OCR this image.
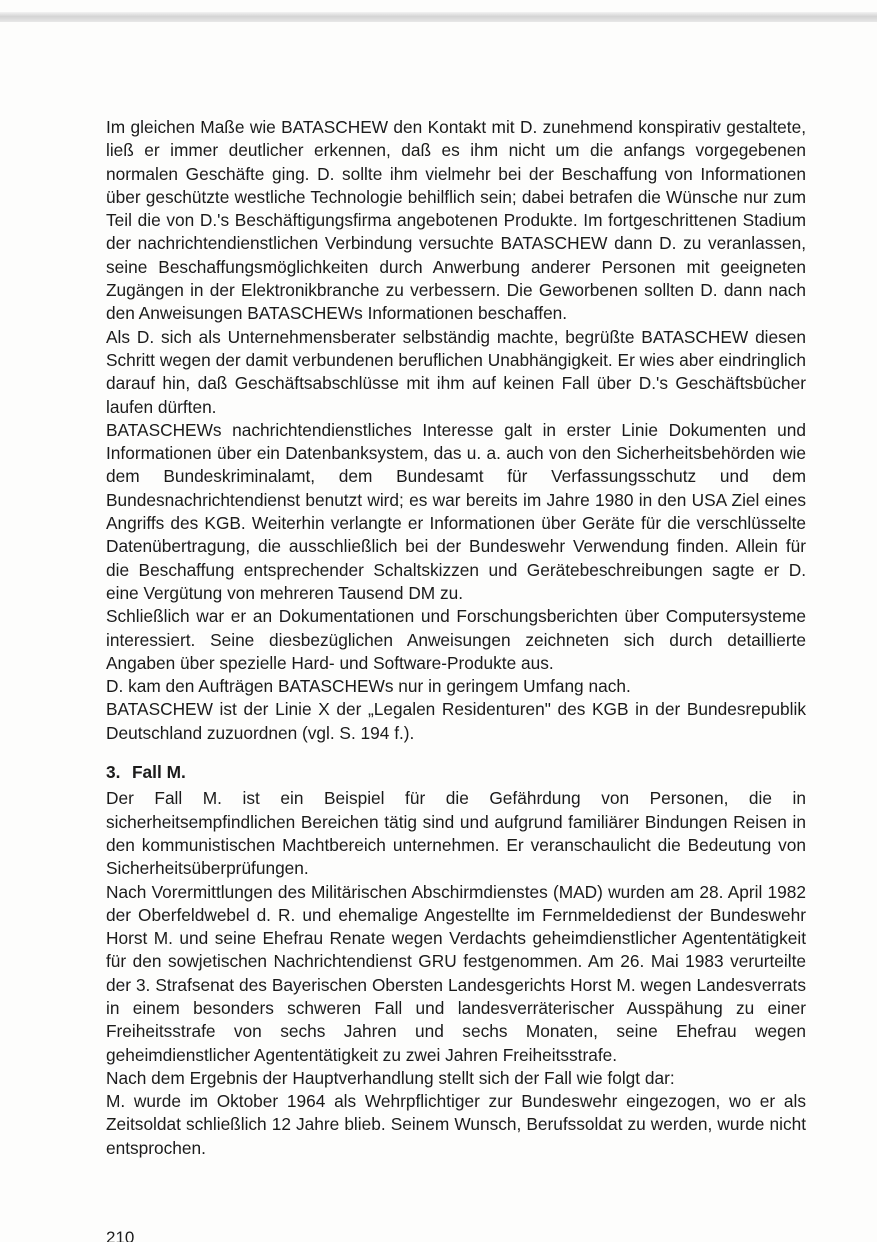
Im gleichen Maße wie BATASCHEW den Kontakt mit D. zunehmend konspirativ gestaltete, ließ er immer deutlicher erkennen, daß es ihm nicht um die anfangs vorgegebenen normalen Geschäfte ging. D. sollte ihm vielmehr bei der Beschaffung von Informationen über geschützte westliche Technologie behilflich sein; dabei betrafen die Wünsche nur zum Teil die von D.'s Beschäftigungsfirma angebotenen Produkte. Im fortgeschrittenen Stadium der nachrichtendienstlichen Verbindung versuchte BATASCHEW dann D. zu veranlassen, seine Beschaffungsmöglichkeiten durch Anwerbung anderer Personen mit geeigneten Zugängen in der Elektronikbranche zu verbessern. Die Geworbenen sollten D. dann nach den Anweisungen BATASCHEWs Informationen beschaffen.

Als D. sich als Unternehmensberater selbständig machte, begrüßte BATASCHEW diesen Schritt wegen der damit verbundenen beruflichen Unabhängigkeit. Er wies aber eindringlich darauf hin, daß Geschäftsabschlüsse mit ihm auf keinen Fall über D.'s Geschäftsbücher laufen dürften.

BATASCHEWs nachrichtendienstliches Interesse galt in erster Linie Dokumenten und Informationen über ein Datenbanksystem, das u. a. auch von den Sicherheitsbehörden wie dem Bundeskriminalamt, dem Bundesamt für Verfassungsschutz und dem Bundesnachrichtendienst benutzt wird; es war bereits im Jahre 1980 in den USA Ziel eines Angriffs des KGB. Weiterhin verlangte er Informationen über Geräte für die verschlüsselte Datenübertragung, die ausschließlich bei der Bundeswehr Verwendung finden. Allein für die Beschaffung entsprechender Schaltskizzen und Gerätebeschreibungen sagte er D. eine Vergütung von mehreren Tausend DM zu.

Schließlich war er an Dokumentationen und Forschungsberichten über Computersysteme interessiert. Seine diesbezüglichen Anweisungen zeichneten sich durch detaillierte Angaben über spezielle Hard- und Software-Produkte aus.

D. kam den Aufträgen BATASCHEWs nur in geringem Umfang nach.

BATASCHEW ist der Linie X der „Legalen Residenturen" des KGB in der Bundesrepublik Deutschland zuzuordnen (vgl. S. 194 f.).

3. Fall M.

Der Fall M. ist ein Beispiel für die Gefährdung von Personen, die in sicherheitsempfindlichen Bereichen tätig sind und aufgrund familiärer Bindungen Reisen in den kommunistischen Machtbereich unternehmen. Er veranschaulicht die Bedeutung von Sicherheitsüberprüfungen.

Nach Vorermittlungen des Militärischen Abschirmdienstes (MAD) wurden am 28. April 1982 der Oberfeldwebel d. R. und ehemalige Angestellte im Fernmeldedienst der Bundeswehr Horst M. und seine Ehefrau Renate wegen Verdachts geheimdienstlicher Agententätigkeit für den sowjetischen Nachrichtendienst GRU festgenommen. Am 26. Mai 1983 verurteilte der 3. Strafsenat des Bayerischen Obersten Landesgerichts Horst M. wegen Landesverrats in einem besonders schweren Fall und landesverräterischer Ausspähung zu einer Freiheitsstrafe von sechs Jahren und sechs Monaten, seine Ehefrau wegen geheimdienstlicher Agententätigkeit zu zwei Jahren Freiheitsstrafe.

Nach dem Ergebnis der Hauptverhandlung stellt sich der Fall wie folgt dar:

M. wurde im Oktober 1964 als Wehrpflichtiger zur Bundeswehr eingezogen, wo er als Zeitsoldat schließlich 12 Jahre blieb. Seinem Wunsch, Berufssoldat zu werden, wurde nicht entsprochen.

210
